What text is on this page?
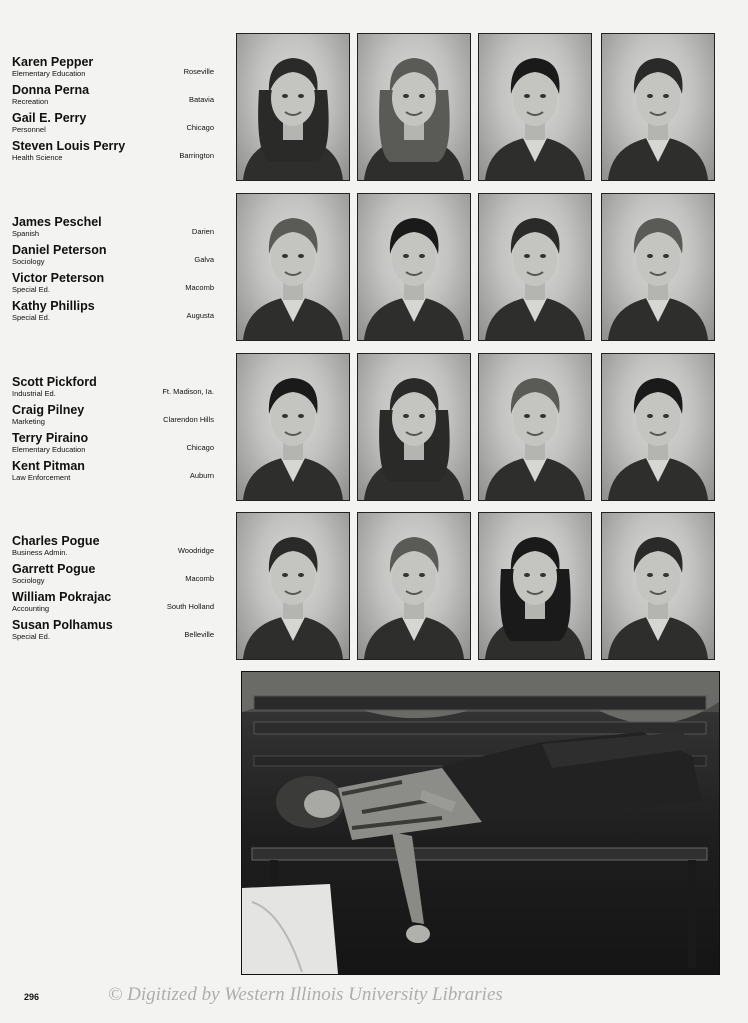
Karen Pepper
Elementary Education	Roseville
Donna Perna
Recreation	Batavia
Gail E. Perry
Personnel	Chicago
Steven Louis Perry
Health Science	Barrington
James Peschel
Spanish	Darien
Daniel Peterson
Sociology	Galva
Victor Peterson
Special Ed.	Macomb
Kathy Phillips
Special Ed.	Augusta
Scott Pickford
Industrial Ed.	Ft. Madison, Ia.
Craig Pilney
Marketing	Clarendon Hills
Terry Piraino
Elementary Education	Chicago
Kent Pitman
Law Enforcement	Auburn
Charles Pogue
Business Admin.	Woodridge
Garrett Pogue
Sociology	Macomb
William Pokrajac
Accounting	South Holland
Susan Polhamus
Special Ed.	Belleville
296	© Digitized by Western Illinois University Libraries
